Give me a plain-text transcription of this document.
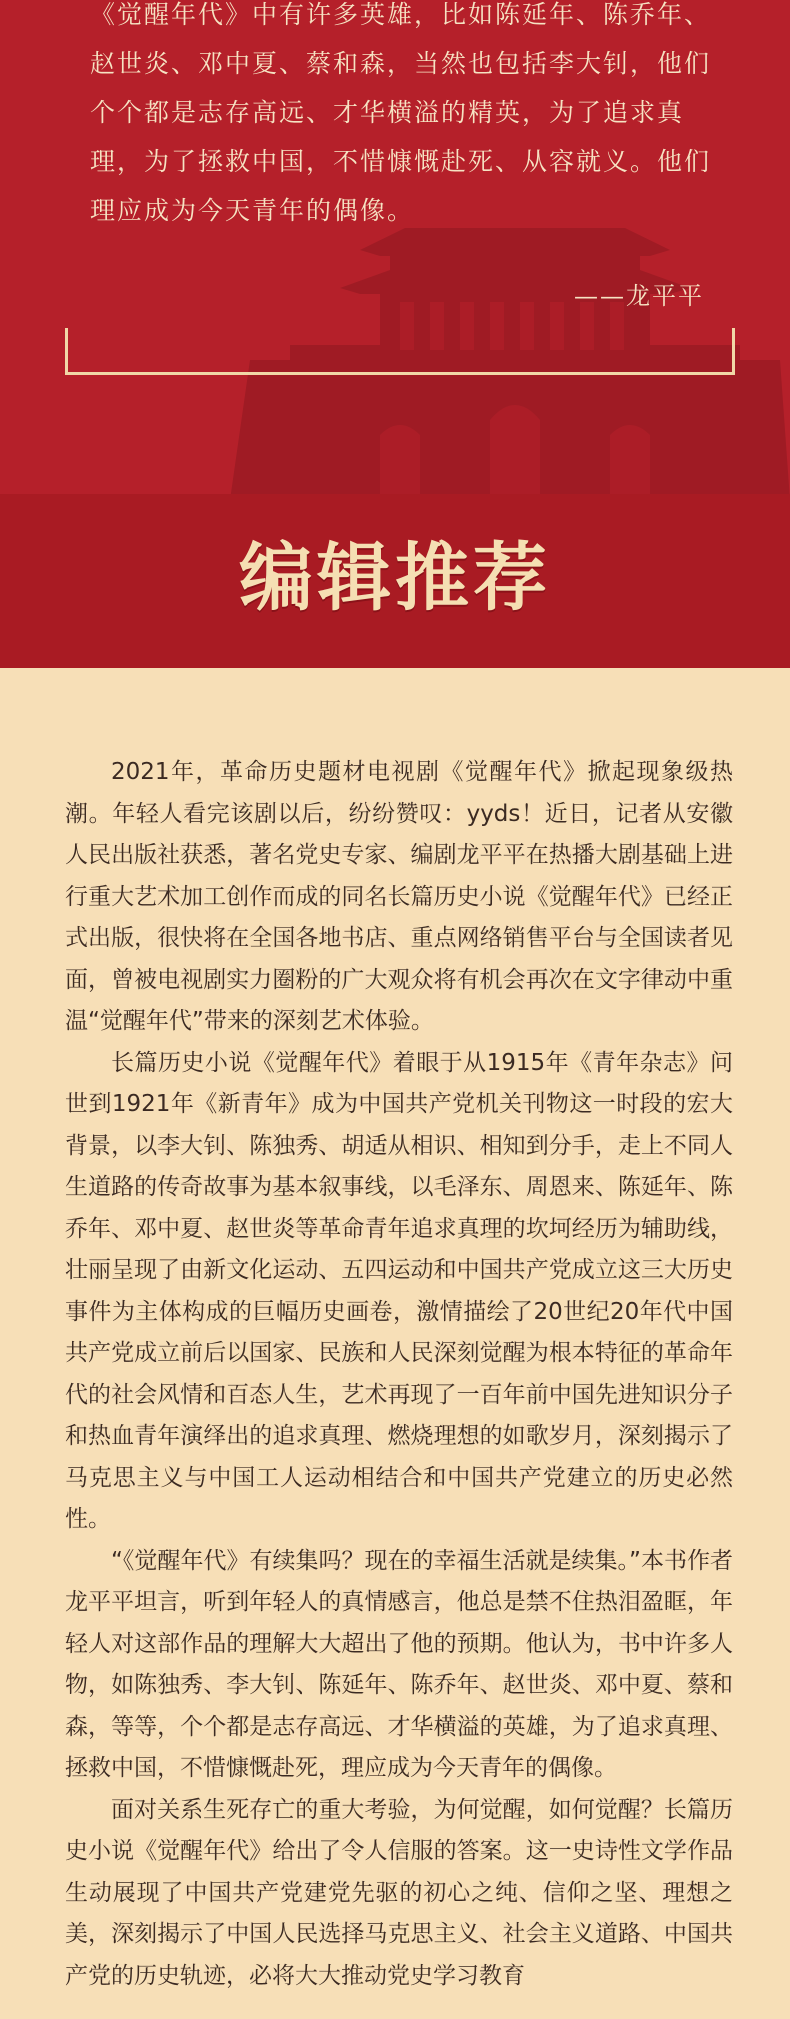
《觉醒年代》中有许多英雄，比如陈延年、陈乔年、赵世炎、邓中夏、蔡和森，当然也包括李大钊，他们个个都是志存高远、才华横溢的精英，为了追求真理，为了拯救中国，不惜慷慨赴死、从容就义。他们理应成为今天青年的偶像。

——龙平平
编辑推荐

2021年，革命历史题材电视剧《觉醒年代》掀起现象级热潮。年轻人看完该剧以后，纷纷赞叹：yyds！近日，记者从安徽人民出版社获悉，著名党史专家、编剧龙平平在热播大剧基础上进行重大艺术加工创作而成的同名长篇历史小说《觉醒年代》已经正式出版，很快将在全国各地书店、重点网络销售平台与全国读者见面，曾被电视剧实力圈粉的广大观众将有机会再次在文字律动中重温“觉醒年代”带来的深刻艺术体验。

长篇历史小说《觉醒年代》着眼于从1915年《青年杂志》问世到1921年《新青年》成为中国共产党机关刊物这一时段的宏大背景，以李大钊、陈独秀、胡适从相识、相知到分手，走上不同人生道路的传奇故事为基本叙事线，以毛泽东、周恩来、陈延年、陈乔年、邓中夏、赵世炎等革命青年追求真理的坎坷经历为辅助线，壮丽呈现了由新文化运动、五四运动和中国共产党成立这三大历史事件为主体构成的巨幅历史画卷，激情描绘了20世纪20年代中国共产党成立前后以国家、民族和人民深刻觉醒为根本特征的革命年代的社会风情和百态人生，艺术再现了一百年前中国先进知识分子和热血青年演绎出的追求真理、燃烧理想的如歌岁月，深刻揭示了马克思主义与中国工人运动相结合和中国共产党建立的历史必然性。

“《觉醒年代》有续集吗？现在的幸福生活就是续集。”本书作者龙平平坦言，听到年轻人的真情感言，他总是禁不住热泪盈眶，年轻人对这部作品的理解大大超出了他的预期。他认为，书中许多人物，如陈独秀、李大钊、陈延年、陈乔年、赵世炎、邓中夏、蔡和森，等等，个个都是志存高远、才华横溢的英雄，为了追求真理、拯救中国，不惜慷慨赴死，理应成为今天青年的偶像。

面对关系生死存亡的重大考验，为何觉醒，如何觉醒？长篇历史小说《觉醒年代》给出了令人信服的答案。这一史诗性文学作品生动展现了中国共产党建党先驱的初心之纯、信仰之坚、理想之美，深刻揭示了中国人民选择马克思主义、社会主义道路、中国共产党的历史轨迹，必将大大推动党史学习教育
